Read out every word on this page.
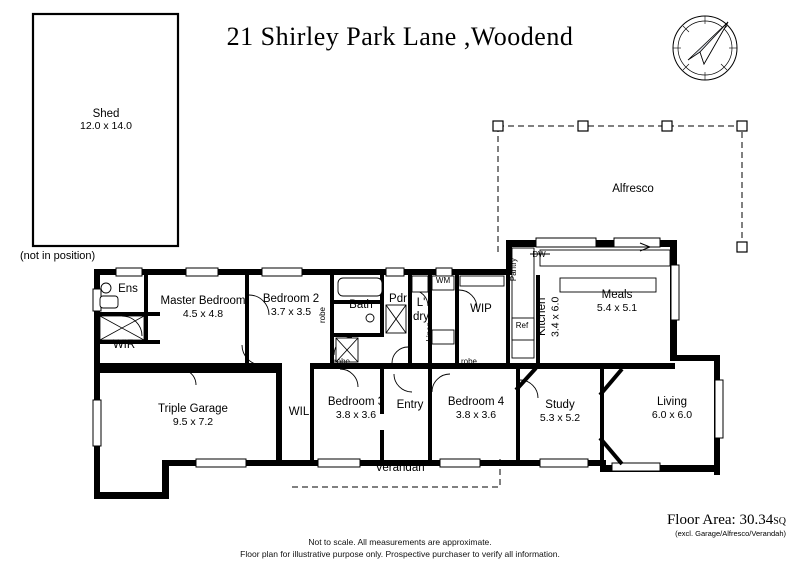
21 Shirley Park Lane ,Woodend
Shed
12.0 x 14.0
(not in position)
Alfresco
Ens
WIR
Master Bedroom
4.5 x 4.8
Bedroom 2
3.7 x 3.5
Bath	Pdr L' dry
WIP	Kitchen 3.4 x 6.0
Meals
5.4 x 5.1
Living
6.0 x 6.0
Study
5.3 x 5.2
Bedroom 4
3.8 x 3.6
Bedroom 3
3.8 x 3.6
Entry
WIL
Triple Garage
9.5 x 7.2
Verandah
robe
robe	robe
Linen
WM
DW
Ref
Pantry
Floor Area: 30.34SQ
(excl. Garage/Alfresco/Verandah)
Not to scale. All measurements are approximate.
Floor plan for illustrative purpose only. Prospective purchaser to verify all information.
